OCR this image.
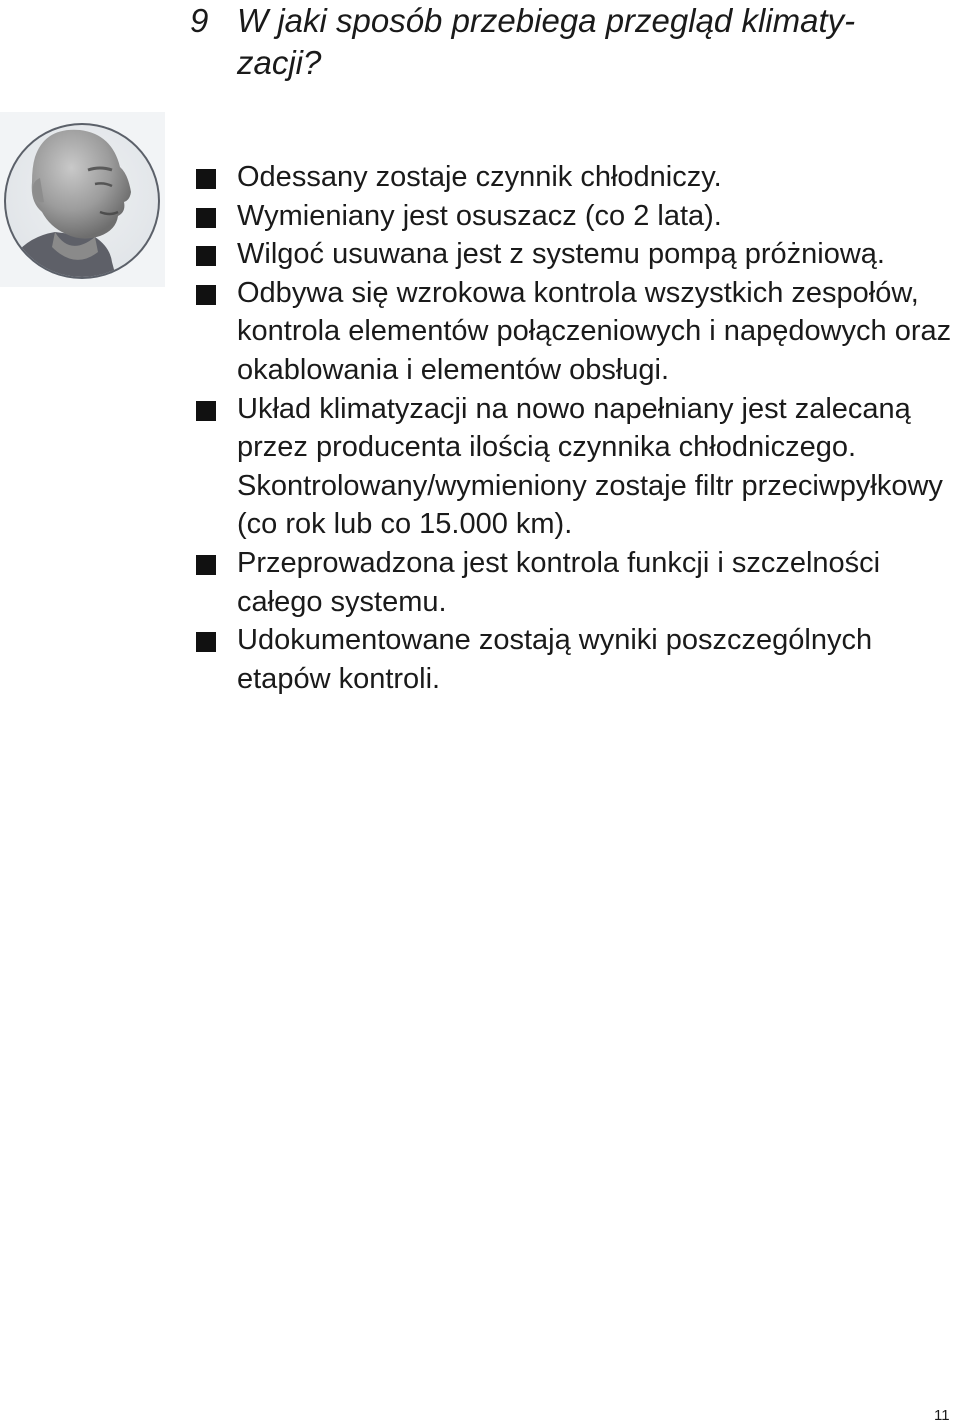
9 W jaki sposób przebiega przegląd klimaty-
zacji?
Odessany zostaje czynnik chłodniczy.
Wymieniany jest osuszacz (co 2 lata).
Wilgoć usuwana jest z systemu pompą próżniową.
Odbywa się wzrokowa kontrola wszystkich zespołów, kontrola elementów połączeniowych i napędowych oraz okablowania i elementów obsługi.
Układ klimatyzacji na nowo napełniany jest zalecaną przez producenta ilością czynnika chłodniczego. Skontrolowany/wymieniony zostaje filtr przeciwpyłkowy (co rok lub co 15.000 km).
Przeprowadzona jest kontrola funkcji i szczelności całego systemu.
Udokumentowane zostają wyniki poszczególnych etapów kontroli.
11
